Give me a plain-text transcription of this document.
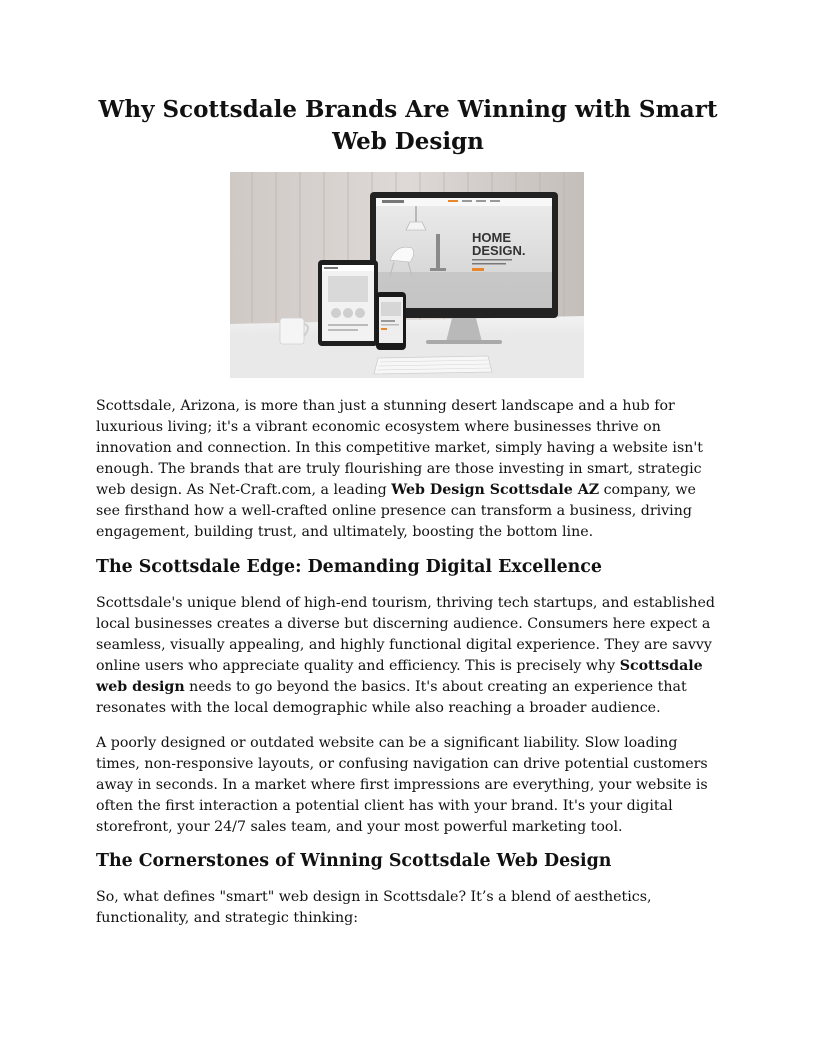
Why Scottsdale Brands Are Winning with Smart Web Design
HOME
DESIGN.

Scottsdale, Arizona, is more than just a stunning desert landscape and a hub for luxurious living; it's a vibrant economic ecosystem where businesses thrive on innovation and connection. In this competitive market, simply having a website isn't enough. The brands that are truly flourishing are those investing in smart, strategic web design. As Net-Craft.com, a leading Web Design Scottsdale AZ company, we see firsthand how a well-crafted online presence can transform a business, driving engagement, building trust, and ultimately, boosting the bottom line.

The Scottsdale Edge: Demanding Digital Excellence

Scottsdale's unique blend of high-end tourism, thriving tech startups, and established local businesses creates a diverse but discerning audience. Consumers here expect a seamless, visually appealing, and highly functional digital experience. They are savvy online users who appreciate quality and efficiency. This is precisely why Scottsdale web design needs to go beyond the basics. It's about creating an experience that resonates with the local demographic while also reaching a broader audience.

A poorly designed or outdated website can be a significant liability. Slow loading times, non-responsive layouts, or confusing navigation can drive potential customers away in seconds. In a market where first impressions are everything, your website is often the first interaction a potential client has with your brand. It's your digital storefront, your 24/7 sales team, and your most powerful marketing tool.

The Cornerstones of Winning Scottsdale Web Design

So, what defines "smart" web design in Scottsdale? It’s a blend of aesthetics, functionality, and strategic thinking:
